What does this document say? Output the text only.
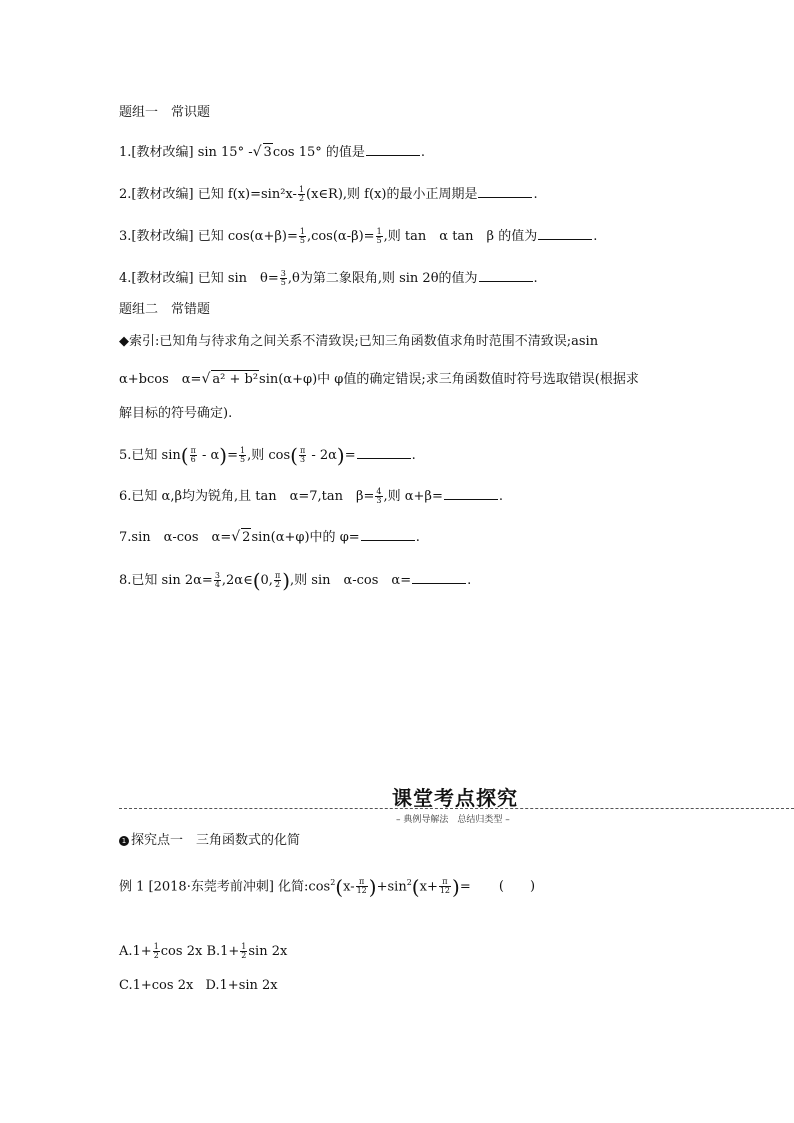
题组一　常识题
1.[教材改编] sin 15° -√ 3cos 15° 的值是	.
2.[教材改编] 已知 $f(x)=\sin^2x- \frac{1}{2}$ (x∈R),则 f(x)的最小正周期是	.
3.[教材改编] 已知 $\cos(\alpha+\beta)= \frac{1}{5} ,\cos(\alpha-\beta)= \frac{1}{5}$ ,则 tan　α tan　β 的值为	.
4.[教材改编] 已知 sin　$\theta= \frac{3}{5} ,\theta$为第二象限角,则 sin 2θ的值为	.
题组二　常错题
◆索引:已知角与待求角之间关系不清致误;已知三角函数值求角时范围不清致误;asin
α+bcos　α=√ a² + b²sin(α+φ)中 φ值的确定错误;求三角函数值时符号选取错误(根据求
解目标的符号确定).
5.已知 $\sin( \frac{\pi}{6} - \alpha)= \frac{1}{5}$ ,则 $\cos( \frac{\pi}{3} - 2\alpha)=$	.
6.已知 α,β均为锐角,且 tan　α=7,tan　$\beta= \frac{4}{3}$ ,则 α+β=	.
7.sin　α-cos　α=√ 2sin(α+φ)中的 φ=	.
8.已知 $\sin 2\alpha= \frac{3}{4}$ ,2α∈(0, $\frac{\pi}{2}$ ),则 sin　α-cos　α=	.
课堂考点探究
– 典例导解法　总结归类型 –
1 探究点一　三角函数式的化简
例 1 [2018·东莞考前冲刺] 化简$:\cos^2(x- \frac{\pi}{12} )+\sin^2(x+ \frac{\pi}{12}$ )= (　　)
$A.1+ \frac{1}{2}$ cos 2x $B.1+ \frac{1}{2}$ sin 2x
C.1+cos 2x D.1+sin 2x
